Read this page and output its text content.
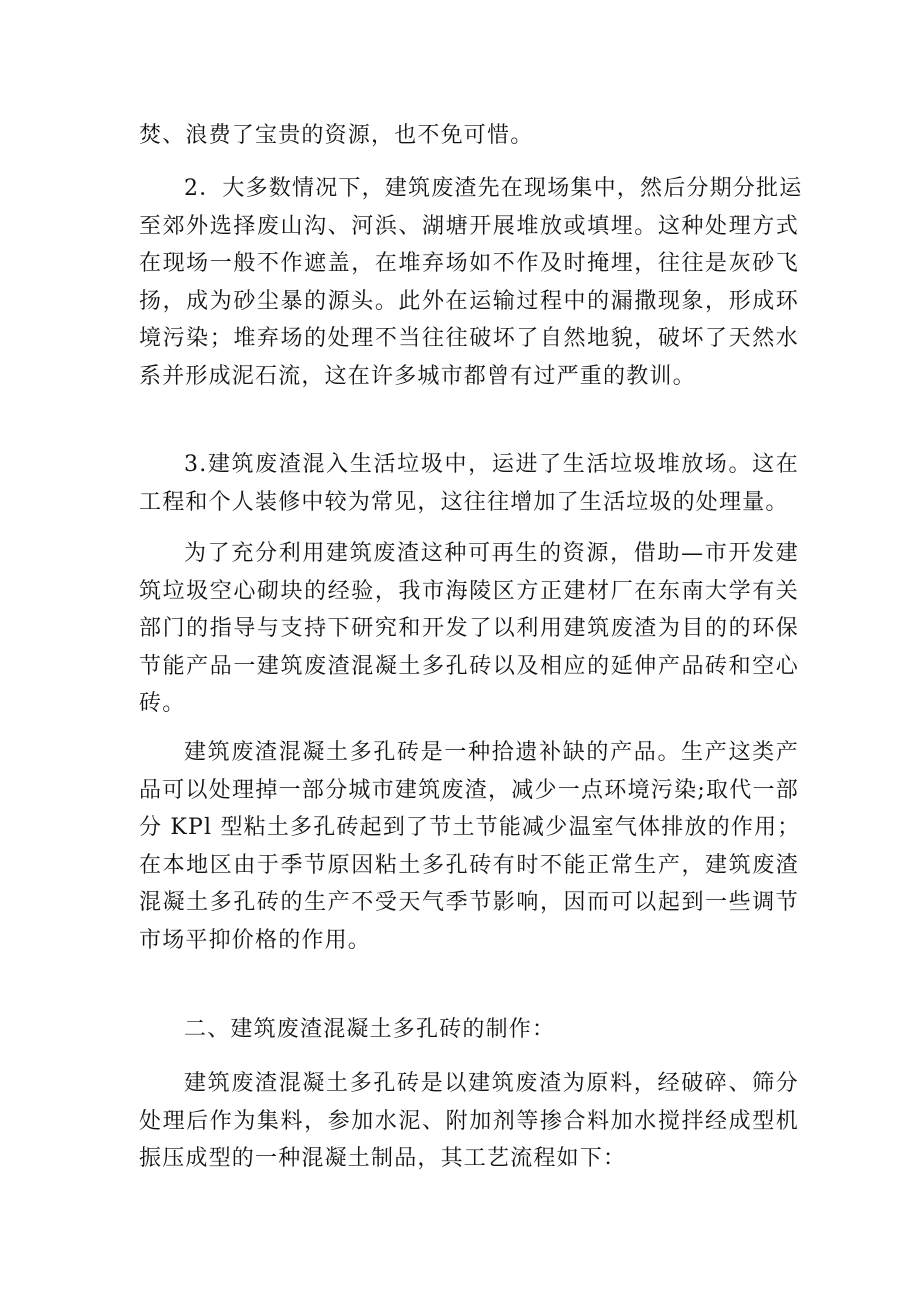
焚、浪费了宝贵的资源，也不免可惜。
2．大多数情况下，建筑废渣先在现场集中，然后分期分批运
至郊外选择废山沟、河浜、湖塘开展堆放或填埋。这种处理方式
在现场一般不作遮盖，在堆弃场如不作及时掩埋，往往是灰砂飞
扬，成为砂尘暴的源头。此外在运输过程中的漏撒现象，形成环
境污染；堆弃场的处理不当往往破坏了自然地貌，破坏了天然水
系并形成泥石流，这在许多城市都曾有过严重的教训。
3.建筑废渣混入生活垃圾中，运进了生活垃圾堆放场。这在
工程和个人装修中较为常见，这往往增加了生活垃圾的处理量。
为了充分利用建筑废渣这种可再生的资源，借助—市开发建
筑垃圾空心砌块的经验，我市海陵区方正建材厂在东南大学有关
部门的指导与支持下研究和开发了以利用建筑废渣为目的的环保
节能产品一建筑废渣混凝土多孔砖以及相应的延伸产品砖和空心
砖。
建筑废渣混凝土多孔砖是一种拾遗补缺的产品。生产这类产
品可以处理掉一部分城市建筑废渣，减少一点环境污染;取代一部
分 KPl 型粘土多孔砖起到了节土节能减少温室气体排放的作用；
在本地区由于季节原因粘土多孔砖有时不能正常生产，建筑废渣
混凝土多孔砖的生产不受天气季节影响，因而可以起到一些调节
市场平抑价格的作用。
二、建筑废渣混凝土多孔砖的制作：
建筑废渣混凝土多孔砖是以建筑废渣为原料，经破碎、筛分
处理后作为集料，参加水泥、附加剂等掺合料加水搅拌经成型机
振压成型的一种混凝土制品，其工艺流程如下：
